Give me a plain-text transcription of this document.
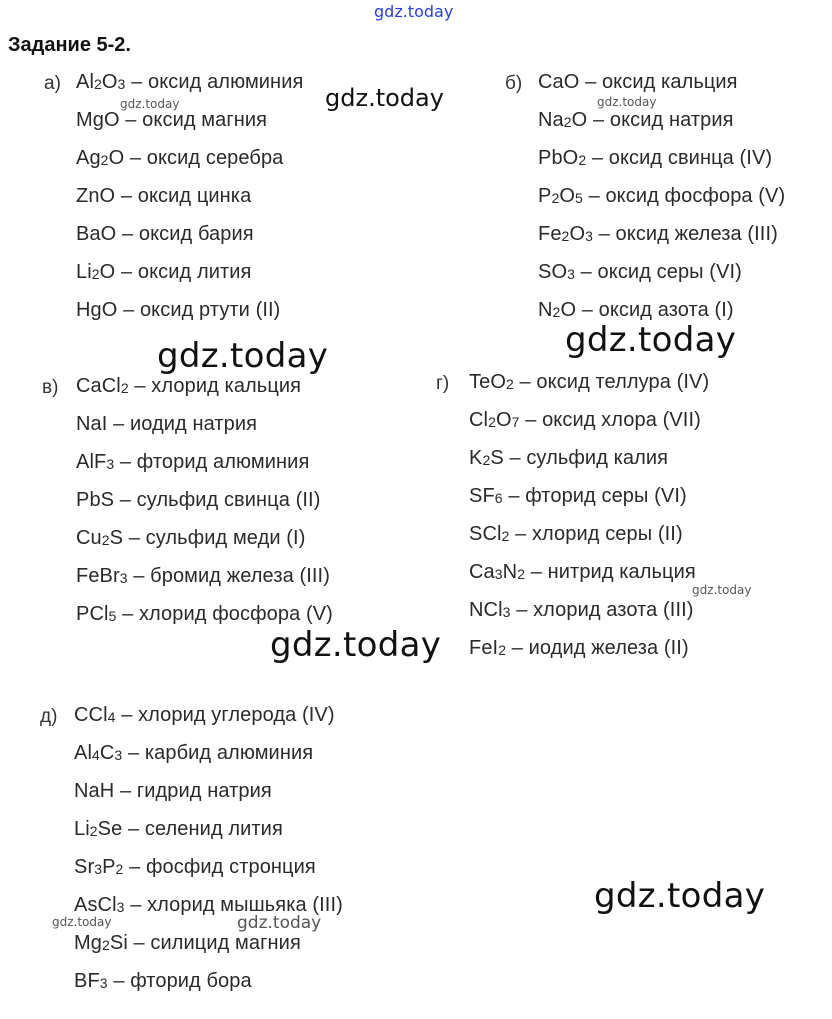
gdz.today
Задание 5-2.
а)	б)
в)	г)
д)
$Al_2O_3$ – оксид алюминия
MgO – оксид магния
$Ag_2O$ – оксид серебра
ZnO – оксид цинка
BaO – оксид бария
$Li_2O$ – оксид лития
HgO – оксид ртути (II)
CaO – оксид кальция
$Na_2O$ – оксид натрия
PbO$_2$ – оксид свинца (IV)
$P_2O_5$ – оксид фосфора (V)
$Fe_2O_3$ – оксид железа (III)
$SO_3$ – оксид серы (VI)
$N_2O$ – оксид азота (I)
CaCl$_2$ – хлорид кальция
NaI – иодид натрия
AlF$_3$ – фторид алюминия
PbS – сульфид свинца (II)
$Cu_2S$ – сульфид меди (I)
FeBr$_3$ – бромид железа (III)
PCl$_5$ – хлорид фосфора (V)
TeO$_2$ – оксид теллура (IV)
$Cl_2O_7$ – оксид хлора (VII)
$K_2S$ – сульфид калия
$SF_6$ – фторид серы (VI)
SCl$_2$ – хлорид серы (II)
$Ca_3N_2$ – нитрид кальция
NCl$_3$ – хлорид азота (III)
FeI$_2$ – иодид железа (II)
CCl$_4$ – хлорид углерода (IV)
$Al_4C_3$ – карбид алюминия
NaH – гидрид натрия
$Li_2Se$ – селенид лития
$Sr_3P_2$ – фосфид стронция
AsCl$_3$ – хлорид мышьяка (III)
$Mg_2Si$ – силицид магния
$BF_3$ – фторид бора
gdz.today
gdz.today	gdz.today
gdz.today	gdz.today
gdz.today
gdz.today
gdz.today
gdz.today	gdz.today
